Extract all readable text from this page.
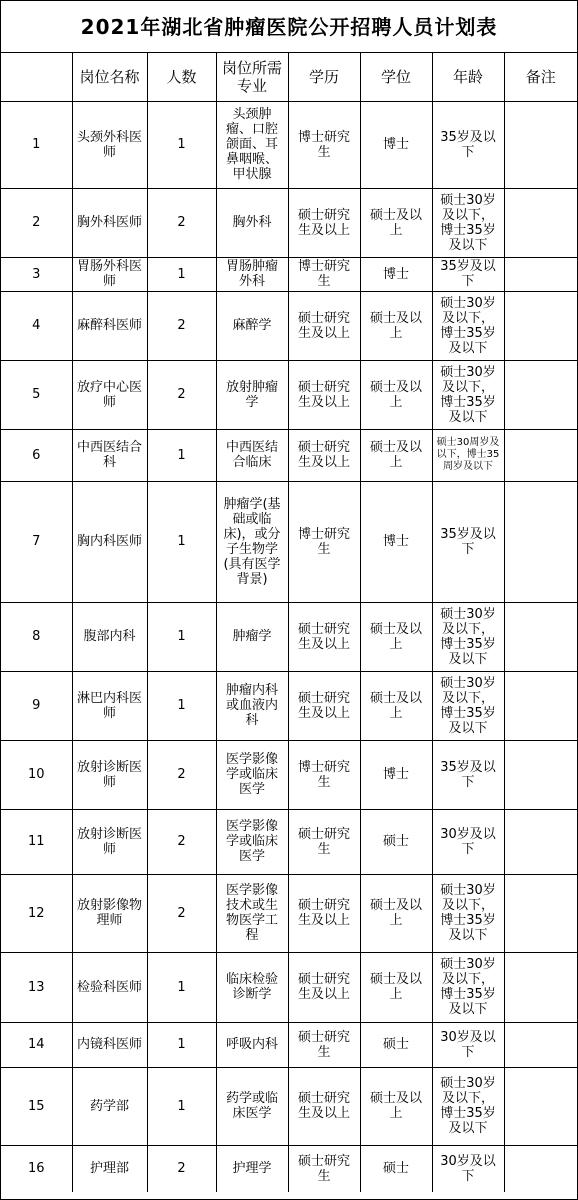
2021年湖北省肿瘤医院公开招聘人员计划表
	岗位名称	人数	岗位所需专业	学历	学位	年龄	备注
1	头颈外科医师	1	头颈肿瘤、口腔颌面、耳鼻咽喉、甲状腺	博士研究生	博士	35岁及以下	
2	胸外科医师	2	胸外科	硕士研究生及以上	硕士及以上	硕士30岁及以下，博士35岁及以下	
3	胃肠外科医师	1	胃肠肿瘤外科	博士研究生	博士	35岁及以下	
4	麻醉科医师	2	麻醉学	硕士研究生及以上	硕士及以上	硕士30岁及以下，博士35岁及以下	
5	放疗中心医师	2	放射肿瘤学	硕士研究生及以上	硕士及以上	硕士30岁及以下，博士35岁及以下	
6	中西医结合科	1	中西医结合临床	硕士研究生及以上	硕士及以上	硕士30周岁及以下，博士35周岁及以下	
7	胸内科医师	1	肿瘤学(基础或临床)，或分子生物学(具有医学背景)	博士研究生	博士	35岁及以下	
8	腹部内科	1	肿瘤学	硕士研究生及以上	硕士及以上	硕士30岁及以下，博士35岁及以下	
9	淋巴内科医师	1	肿瘤内科或血液内科	硕士研究生及以上	硕士及以上	硕士30岁及以下，博士35岁及以下	
10	放射诊断医师	2	医学影像学或临床医学	博士研究生	博士	35岁及以下	
11	放射诊断医师	2	医学影像学或临床医学	硕士研究生	硕士	30岁及以下	
12	放射影像物理师	2	医学影像技术或生物医学工程	硕士研究生及以上	硕士及以上	硕士30岁及以下，博士35岁及以下	
13	检验科医师	1	临床检验诊断学	硕士研究生及以上	硕士及以上	硕士30岁及以下，博士35岁及以下	
14	内镜科医师	1	呼吸内科	硕士研究生	硕士	30岁及以下	
15	药学部	1	药学或临床医学	硕士研究生及以上	硕士及以上	硕士30岁及以下，博士35岁及以下	
16	护理部	2	护理学	硕士研究生	硕士	30岁及以下	
